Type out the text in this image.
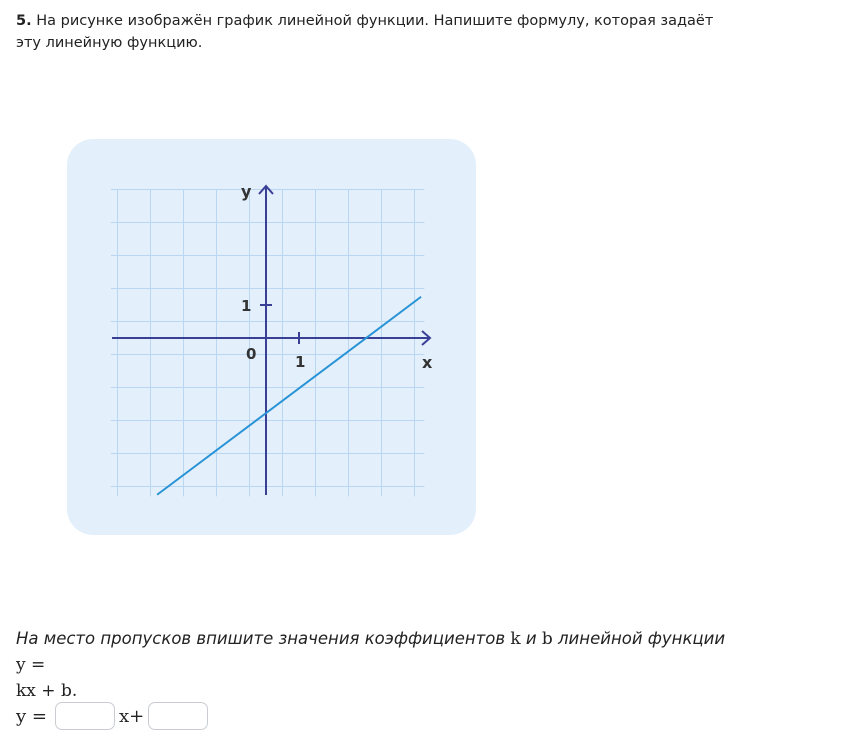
5. На рисунке изображён график линейной функции. Напишите формулу, которая задаёт эту линейную функцию.
y
x
0	1
1
На место пропусков впишите значения коэффициентов k и b линейной функции y =
kx + b.
y =	x+
